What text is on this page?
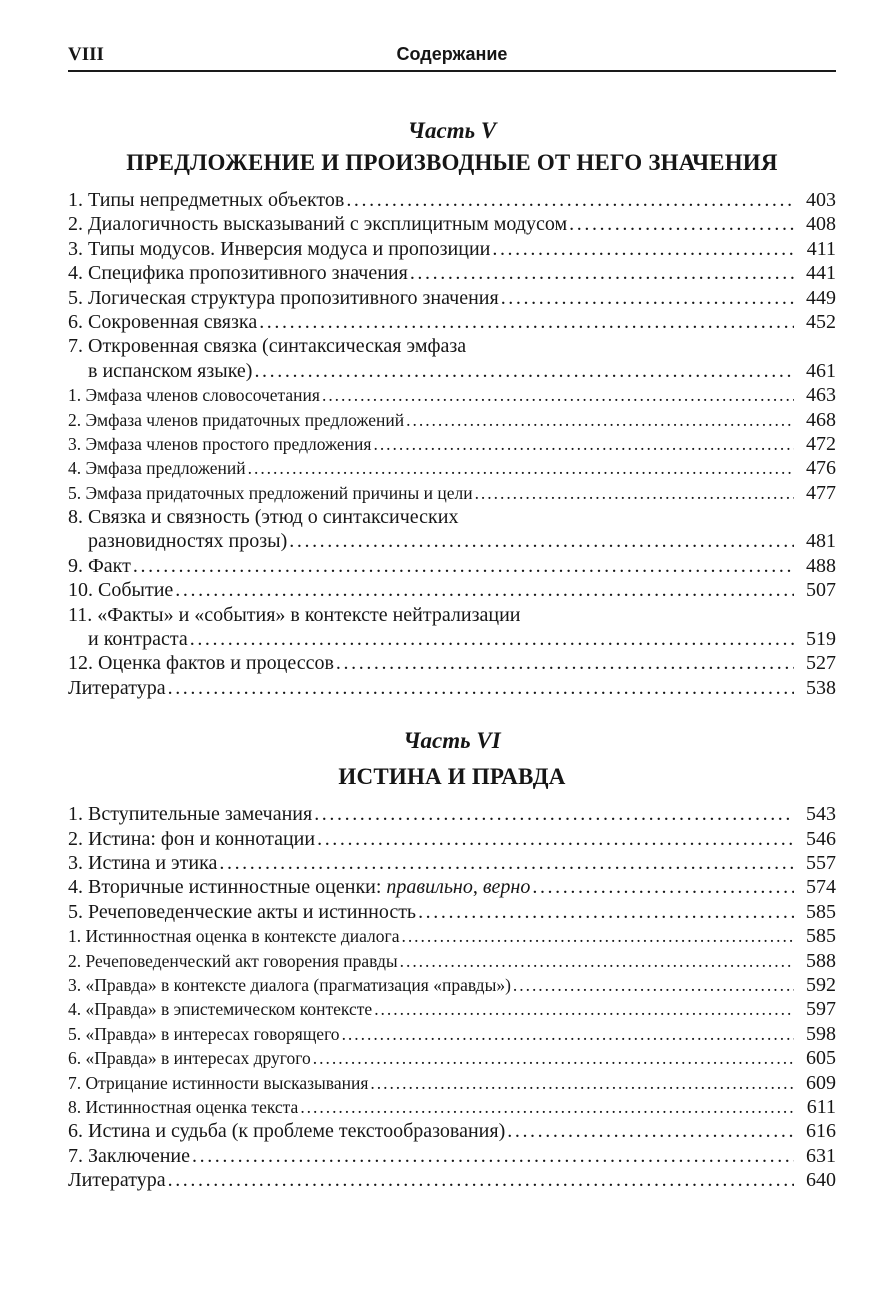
VIII	Содержание
Часть V
ПРЕДЛОЖЕНИЕ И ПРОИЗВОДНЫЕ ОТ НЕГО ЗНАЧЕНИЯ
1. Типы непредметных объектов . . .	403
2. Диалогичность высказываний с эксплицитным модусом . . .	408
3. Типы модусов. Инверсия модуса и пропозиции . . .	411
4. Специфика пропозитивного значения . . .	441
5. Логическая структура пропозитивного значения . . .	449
6. Сокровенная связка . . .	452
7. Откровенная связка (синтаксическая эмфаза
в испанском языке) . . .	461
1. Эмфаза членов словосочетания . . .	463
2. Эмфаза членов придаточных предложений . . .	468
3. Эмфаза членов простого предложения . . .	472
4. Эмфаза предложений . . .	476
5. Эмфаза придаточных предложений причины и цели . . .	477
8. Связка и связность (этюд о синтаксических
разновидностях прозы) . . .	481
9. Факт . . .	488
10. Событие . . .	507
11. «Факты» и «события» в контексте нейтрализации
и контраста . . .	519
12. Оценка фактов и процессов . . .	527
Литература . . .	538
Часть VI
ИСТИНА И ПРАВДА
1. Вступительные замечания . . .	543
2. Истина: фон и коннотации . . .	546
3. Истина и этика . . .	557
4. Вторичные истинностные оценки: правильно, верно . . .	574
5. Речеповеденческие акты и истинность . . .	585
1. Истинностная оценка в контексте диалога . . .	585
2. Речеповеденческий акт говорения правды . . .	588
3. «Правда» в контексте диалога (прагматизация «правды») . . .	592
4. «Правда» в эпистемическом контексте . . .	597
5. «Правда» в интересах говорящего . . .	598
6. «Правда» в интересах другого . . .	605
7. Отрицание истинности высказывания . . .	609
8. Истинностная оценка текста . . .	611
6. Истина и судьба (к проблеме текстообразования) . . .	616
7. Заключение . . .	631
Литература . . .	640
